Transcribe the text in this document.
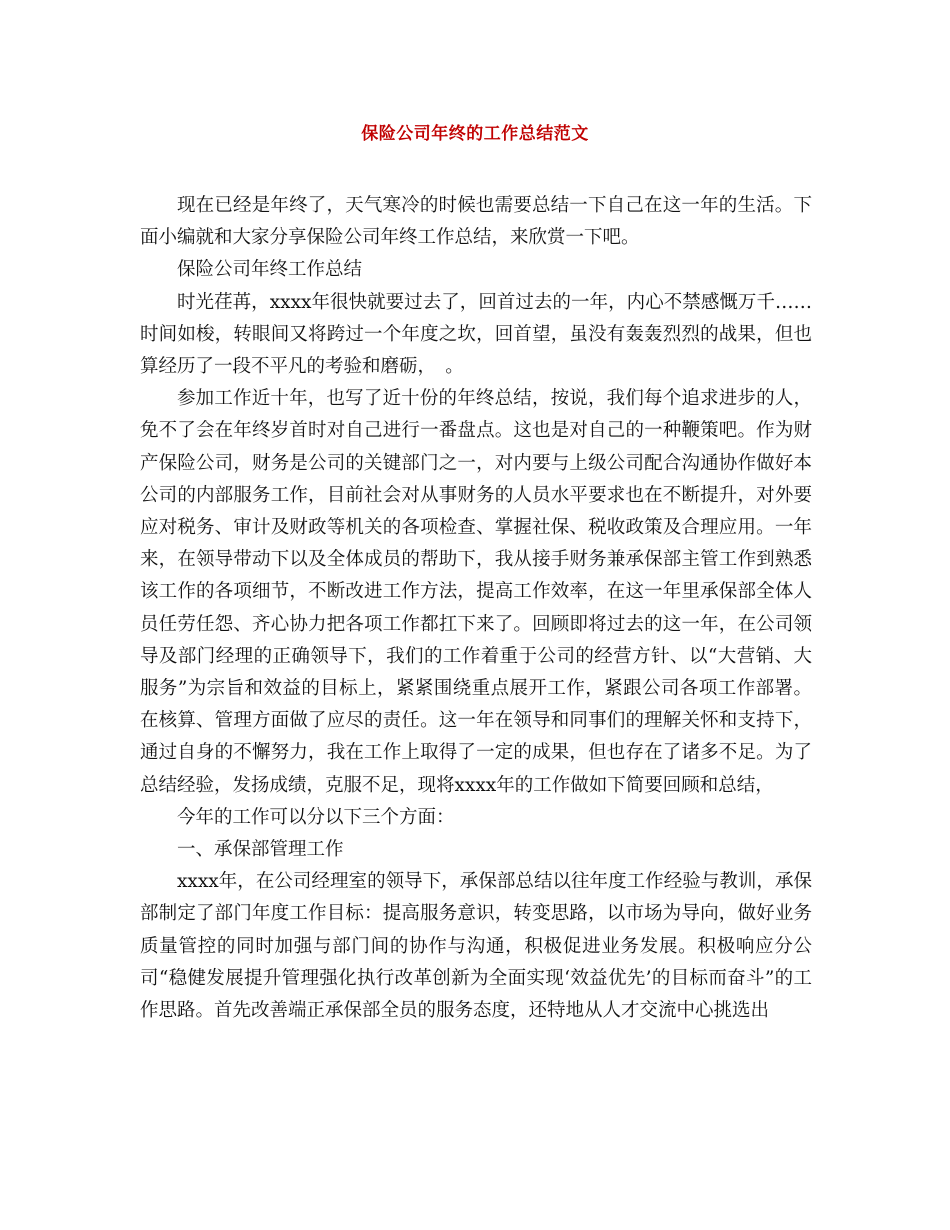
保险公司年终的工作总结范文

现在已经是年终了，天气寒冷的时候也需要总结一下自己在这一年的生活。下面小编就和大家分享保险公司年终工作总结，来欣赏一下吧。

保险公司年终工作总结

时光荏苒，xxxx年很快就要过去了，回首过去的一年，内心不禁感慨万千……时间如梭，转眼间又将跨过一个年度之坎，回首望，虽没有轰轰烈烈的战果，但也算经历了一段不平凡的考验和磨砺，　。

参加工作近十年，也写了近十份的年终总结，按说，我们每个追求进步的人，免不了会在年终岁首时对自己进行一番盘点。这也是对自己的一种鞭策吧。作为财产保险公司，财务是公司的关键部门之一，对内要与上级公司配合沟通协作做好本公司的内部服务工作，目前社会对从事财务的人员水平要求也在不断提升，对外要应对税务、审计及财政等机关的各项检查、掌握社保、税收政策及合理应用。一年来，在领导带动下以及全体成员的帮助下，我从接手财务兼承保部主管工作到熟悉该工作的各项细节，不断改进工作方法，提高工作效率，在这一年里承保部全体人员任劳任怨、齐心协力把各项工作都扛下来了。回顾即将过去的这一年，在公司领导及部门经理的正确领导下，我们的工作着重于公司的经营方针、以“大营销、大服务”为宗旨和效益的目标上，紧紧围绕重点展开工作，紧跟公司各项工作部署。在核算、管理方面做了应尽的责任。这一年在领导和同事们的理解关怀和支持下，通过自身的不懈努力，我在工作上取得了一定的成果，但也存在了诸多不足。为了总结经验，发扬成绩，克服不足，现将xxxx年的工作做如下简要回顾和总结，

今年的工作可以分以下三个方面：

一、承保部管理工作

xxxx年，在公司经理室的领导下，承保部总结以往年度工作经验与教训，承保部制定了部门年度工作目标：提高服务意识，转变思路，以市场为导向，做好业务质量管控的同时加强与部门间的协作与沟通，积极促进业务发展。积极响应分公司“稳健发展提升管理强化执行改革创新为全面实现‘效益优先’的目标而奋斗”的工作思路。首先改善端正承保部全员的服务态度，还特地从人才交流中心挑选出
